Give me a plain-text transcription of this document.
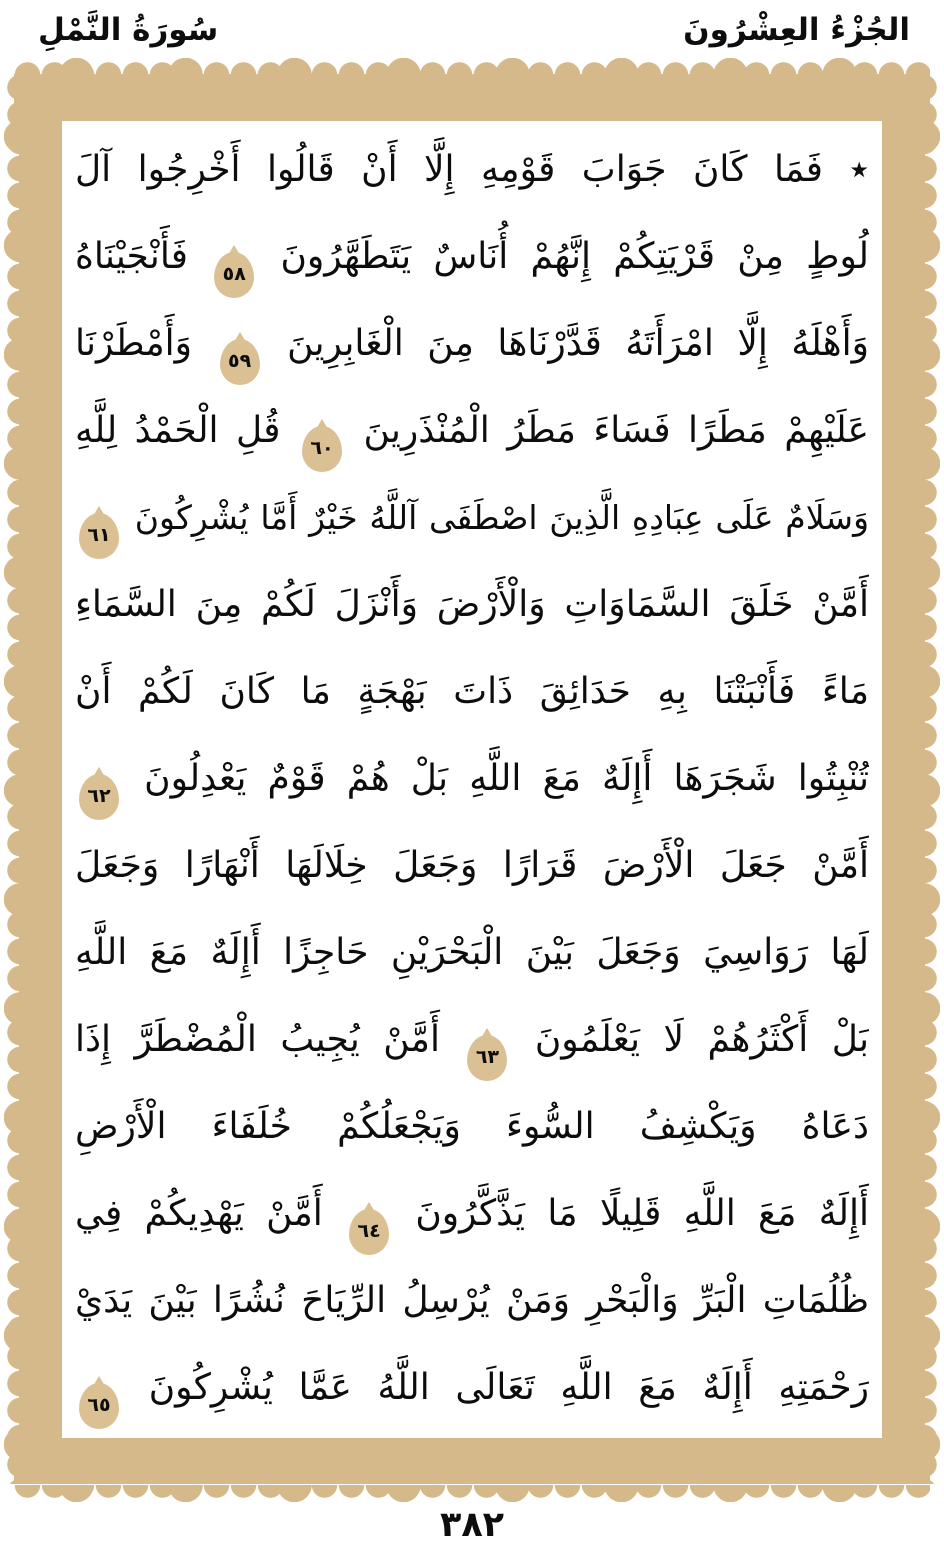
الجُزْءُ العِشْرُونَ
سُورَةُ النَّمْلِ
٭ فَمَا كَانَ جَوَابَ قَوْمِهِ إِلَّا أَنْ قَالُوا أَخْرِجُوا آلَ
لُوطٍ مِنْ قَرْيَتِكُمْ إِنَّهُمْ أُنَاسٌ يَتَطَهَّرُونَ
٥٨
فَأَنْجَيْنَاهُ
وَأَهْلَهُ إِلَّا امْرَأَتَهُ قَدَّرْنَاهَا مِنَ الْغَابِرِينَ
٥٩
وَأَمْطَرْنَا
عَلَيْهِمْ مَطَرًا فَسَاءَ مَطَرُ الْمُنْذَرِينَ
٦٠
قُلِ الْحَمْدُ لِلَّهِ
وَسَلَامٌ عَلَى عِبَادِهِ الَّذِينَ اصْطَفَى آللَّهُ خَيْرٌ أَمَّا يُشْرِكُونَ
٦١
أَمَّنْ خَلَقَ السَّمَاوَاتِ وَالْأَرْضَ وَأَنْزَلَ لَكُمْ مِنَ السَّمَاءِ
مَاءً فَأَنْبَتْنَا بِهِ حَدَائِقَ ذَاتَ بَهْجَةٍ مَا كَانَ لَكُمْ أَنْ
تُنْبِتُوا شَجَرَهَا أَإِلَهٌ مَعَ اللَّهِ بَلْ هُمْ قَوْمٌ يَعْدِلُونَ
٦٢
أَمَّنْ جَعَلَ الْأَرْضَ قَرَارًا وَجَعَلَ خِلَالَهَا أَنْهَارًا وَجَعَلَ
لَهَا رَوَاسِيَ وَجَعَلَ بَيْنَ الْبَحْرَيْنِ حَاجِزًا أَإِلَهٌ مَعَ اللَّهِ
بَلْ أَكْثَرُهُمْ لَا يَعْلَمُونَ
٦٣
أَمَّنْ يُجِيبُ الْمُضْطَرَّ إِذَا
دَعَاهُ وَيَكْشِفُ السُّوءَ وَيَجْعَلُكُمْ خُلَفَاءَ الْأَرْضِ
أَإِلَهٌ مَعَ اللَّهِ قَلِيلًا مَا يَذَّكَّرُونَ
٦٤
أَمَّنْ يَهْدِيكُمْ فِي
ظُلُمَاتِ الْبَرِّ وَالْبَحْرِ وَمَنْ يُرْسِلُ الرِّيَاحَ نُشُرًا بَيْنَ يَدَيْ
رَحْمَتِهِ أَإِلَهٌ مَعَ اللَّهِ تَعَالَى اللَّهُ عَمَّا يُشْرِكُونَ
٦٥
٣٨٢
